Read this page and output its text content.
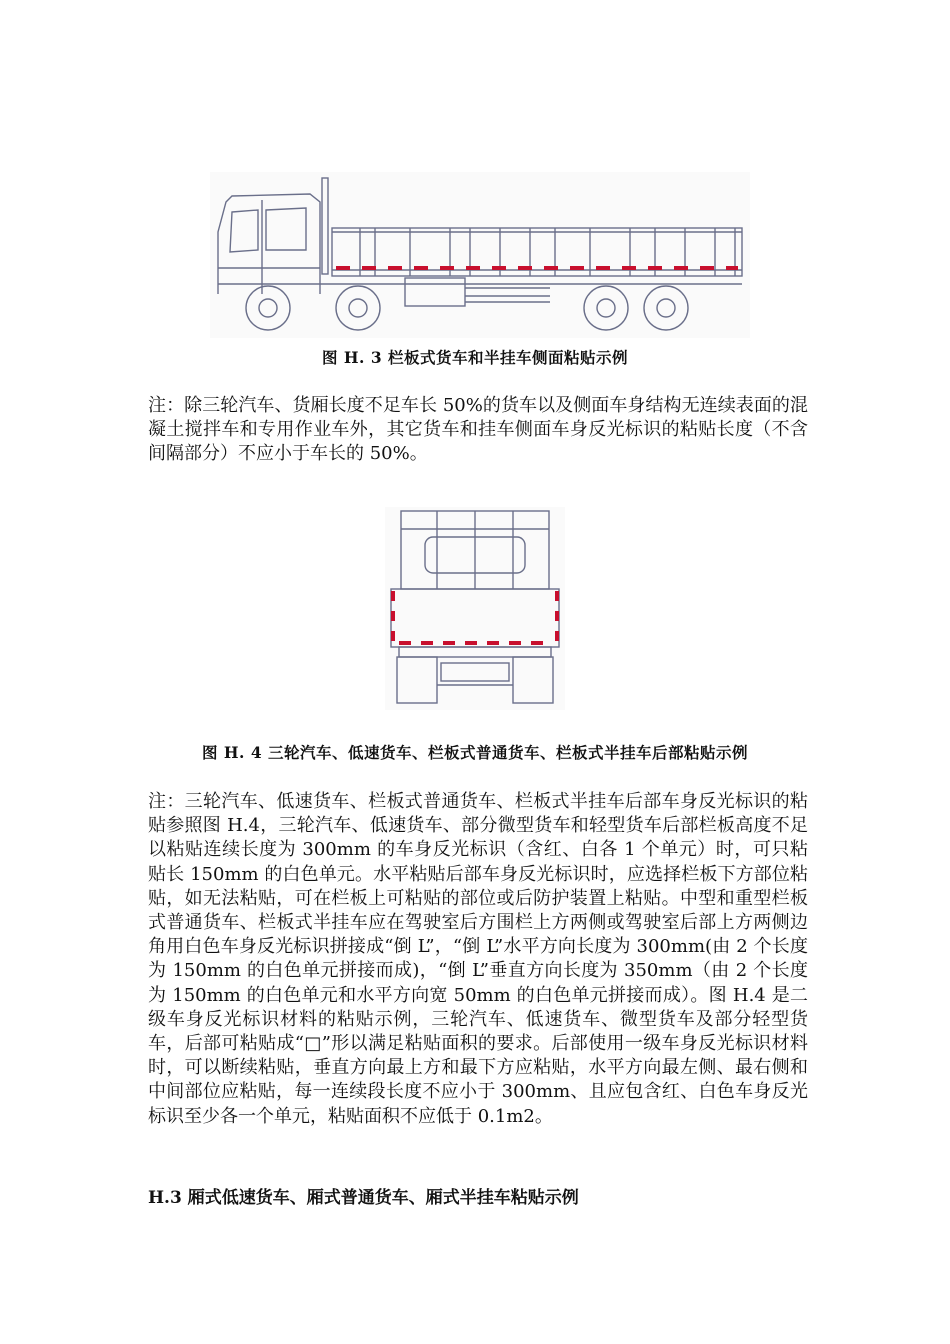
图 H. 3 栏板式货车和半挂车侧面粘贴示例

注：除三轮汽车、货厢长度不足车长 50%的货车以及侧面车身结构无连续表面的混凝土搅拌车和专用作业车外，其它货车和挂车侧面车身反光标识的粘贴长度（不含间隔部分）不应小于车长的 50%。

图 H. 4 三轮汽车、低速货车、栏板式普通货车、栏板式半挂车后部粘贴示例

注：三轮汽车、低速货车、栏板式普通货车、栏板式半挂车后部车身反光标识的粘贴参照图 H.4，三轮汽车、低速货车、部分微型货车和轻型货车后部栏板高度不足以粘贴连续长度为 300mm 的车身反光标识（含红、白各 1 个单元）时，可只粘贴长 150mm 的白色单元。水平粘贴后部车身反光标识时，应选择栏板下方部位粘贴，如无法粘贴，可在栏板上可粘贴的部位或后防护装置上粘贴。中型和重型栏板式普通货车、栏板式半挂车应在驾驶室后方围栏上方两侧或驾驶室后部上方两侧边角用白色车身反光标识拼接成“倒 L”，“倒 L”水平方向长度为 300mm(由 2 个长度为 150mm 的白色单元拼接而成)，“倒 L”垂直方向长度为 350mm（由 2 个长度为 150mm 的白色单元和水平方向宽 50mm 的白色单元拼接而成）。图 H.4 是二级车身反光标识材料的粘贴示例，三轮汽车、低速货车、微型货车及部分轻型货车，后部可粘贴成“□”形以满足粘贴面积的要求。后部使用一级车身反光标识材料时，可以断续粘贴，垂直方向最上方和最下方应粘贴，水平方向最左侧、最右侧和中间部位应粘贴，每一连续段长度不应小于 300mm、且应包含红、白色车身反光标识至少各一个单元，粘贴面积不应低于 0.1m2。

H.3 厢式低速货车、厢式普通货车、厢式半挂车粘贴示例
